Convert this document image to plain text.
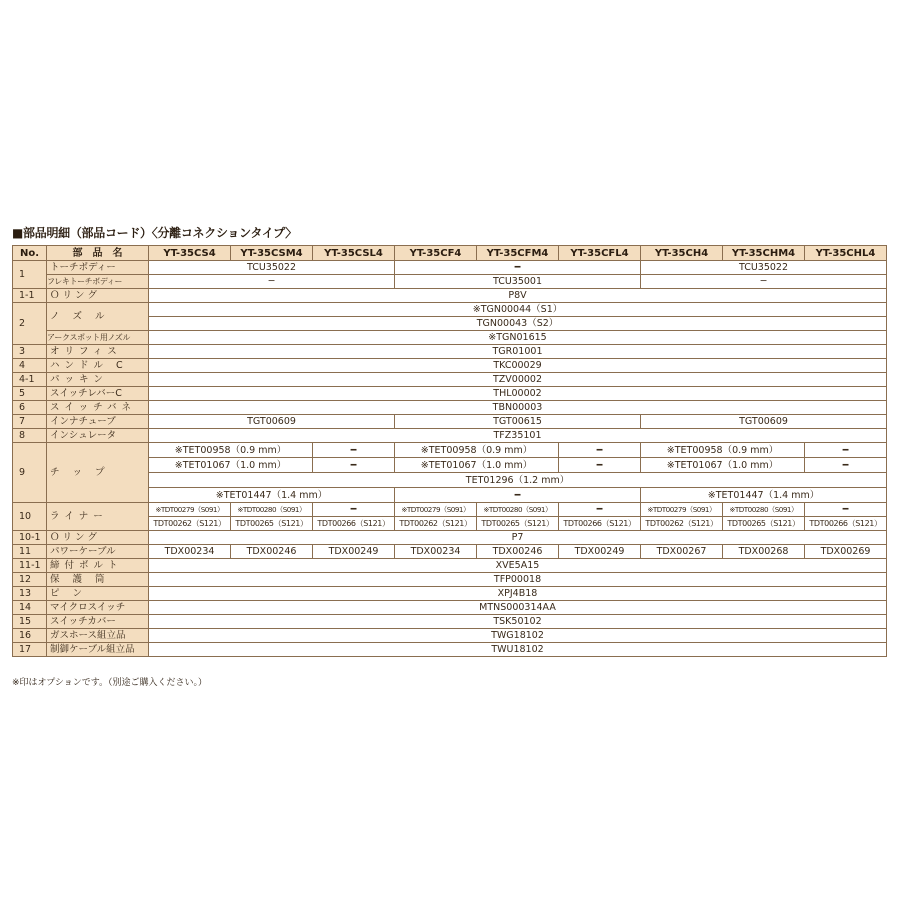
■部品明細（部品コード）〈分離コネクションタイプ〉
No.	部　品　名	YT-35CS4	YT-35CSM4	YT-35CSL4	YT-35CF4	YT-35CFM4	YT-35CFL4	YT-35CH4	YT-35CHM4	YT-35CHL4
1	トーチボディー	TCU35022			━			TCU35022		
	フレキトーチボディー	─			TCU35001			─		
1-1	Ｏ リ ン グ	P8V								
2	ノ ズ ル	※TGN00044（S1）								
		TGN00043（S2）								
	アークスポット用ノズル	※TGN01615								
3	オリフィス	TGR01001								
4	ハンドル C	TKC00029								
4-1	パッキン	TZV00002								
5	スイッチレバーC	THL00002								
6	スイッチバネ	TBN00003								
7	インナチューブ	TGT00609			TGT00615			TGT00609		
8	インシュレータ	TFZ35101								
9	チ ッ プ	※TET00958（0.9 mm）		━	※TET00958（0.9 mm）		━	※TET00958（0.9 mm）		━
		※TET01067（1.0 mm）		━	※TET01067（1.0 mm）		━	※TET01067（1.0 mm）		━
		TET01296（1.2 mm）								
		※TET01447（1.4 mm）			━			※TET01447（1.4 mm）		
10	ライナー	※TDT00279（S091）	※TDT00280（S091）	━	※TDT00279（S091）	※TDT00280（S091）	━	※TDT00279（S091）	※TDT00280（S091）	━
		TDT00262（S121）	TDT00265（S121）	TDT00266（S121）	TDT00262（S121）	TDT00265（S121）	TDT00266（S121）	TDT00262（S121）	TDT00265（S121）	TDT00266（S121）
10-1	Ｏ リ ン グ	P7								
11	パワーケーブル	TDX00234	TDX00246	TDX00249	TDX00234	TDX00246	TDX00249	TDX00267	TDX00268	TDX00269
11-1	締付ボルト	XVE5A15								
12	保 護 筒	TFP00018								
13	ピ ン	XPJ4B18								
14	マイクロスイッチ	MTNS000314AA								
15	スイッチカバー	TSK50102								
16	ガスホース組立品	TWG18102								
17	制御ケーブル組立品	TWU18102								
※印はオプションです。（別途ご購入ください。）
